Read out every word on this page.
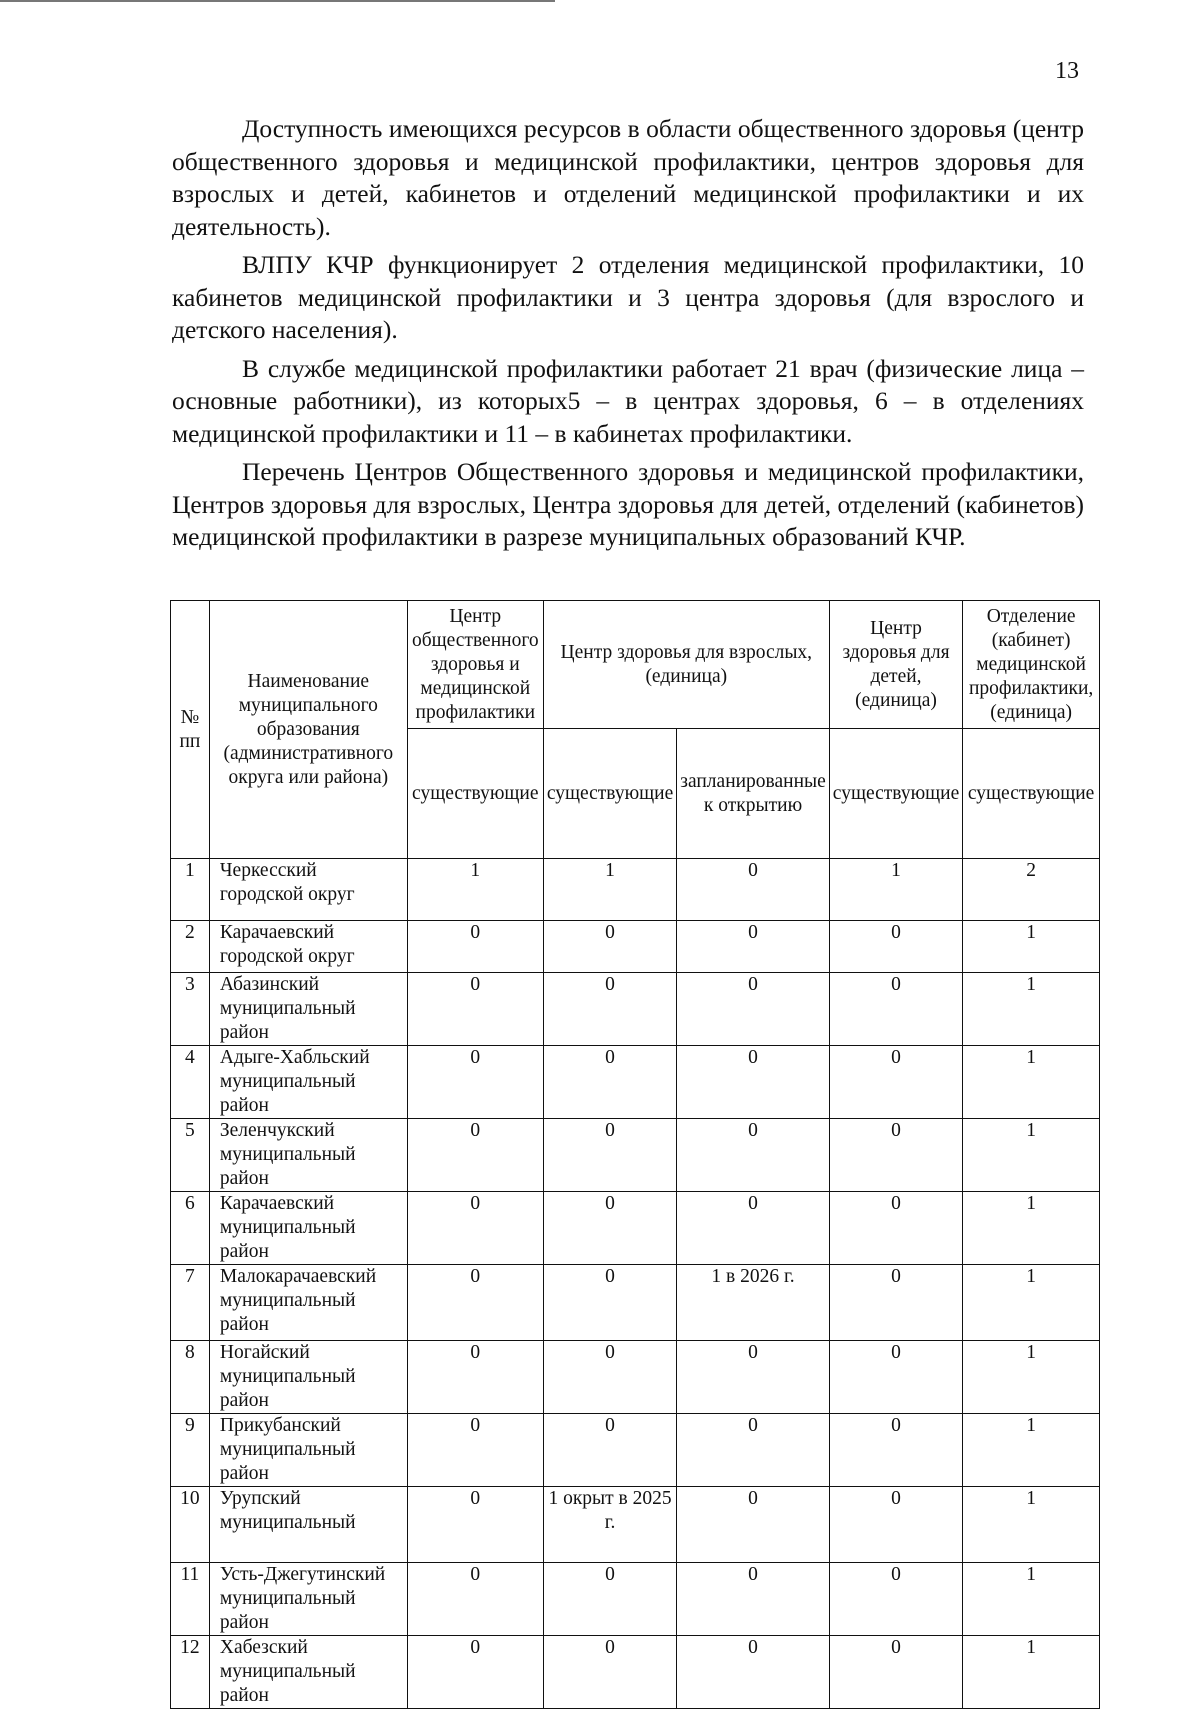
13

Доступность имеющихся ресурсов в области общественного здоровья (центр общественного здоровья и медицинской профилактики, центров здоровья для взрослых и детей, кабинетов и отделений медицинской профилактики и их деятельность).

ВЛПУ КЧР функционирует 2 отделения медицинской профилактики, 10 кабинетов медицинской профилактики и 3 центра здоровья (для взрослого и детского населения).

В службе медицинской профилактики работает 21 врач (физические лица – основные работники), из которых5 – в центрах здоровья, 6 – в отделениях медицинской профилактики и 11 – в кабинетах профилактики.

Перечень Центров Общественного здоровья и медицинской профилактики, Центров здоровья для взрослых, Центра здоровья для детей, отделений (кабинетов) медицинской профилактики в разрезе муниципальных образований КЧР.

№ пп	Наименование муниципального образования (административного округа или района)	Центр общественного здоровья и медицинской профилактики	Центр здоровья для взрослых, (единица)		Центр здоровья для детей, (единица)	Отделение (кабинет) медицинской профилактики, (единица)
		существующие	существующие	запланированные к открытию	существующие	существующие
1	Черкесский городской округ	1	1	0	1	2
2	Карачаевский городской округ	0	0	0	0	1
3	Абазинский муниципальный район	0	0	0	0	1
4	Адыге-Хабльский муниципальный район	0	0	0	0	1
5	Зеленчукский муниципальный район	0	0	0	0	1
6	Карачаевский муниципальный район	0	0	0	0	1
7	Малокарачаевский муниципальный район	0	0	1 в 2026 г.	0	1
8	Ногайский муниципальный район	0	0	0	0	1
9	Прикубанский муниципальный район	0	0	0	0	1
10	Урупский муниципальный	0	1 окрыт в 2025 г.	0	0	1
11	Усть-Джегутинский муниципальный район	0	0	0	0	1
12	Хабезский муниципальный район	0	0	0	0	1
